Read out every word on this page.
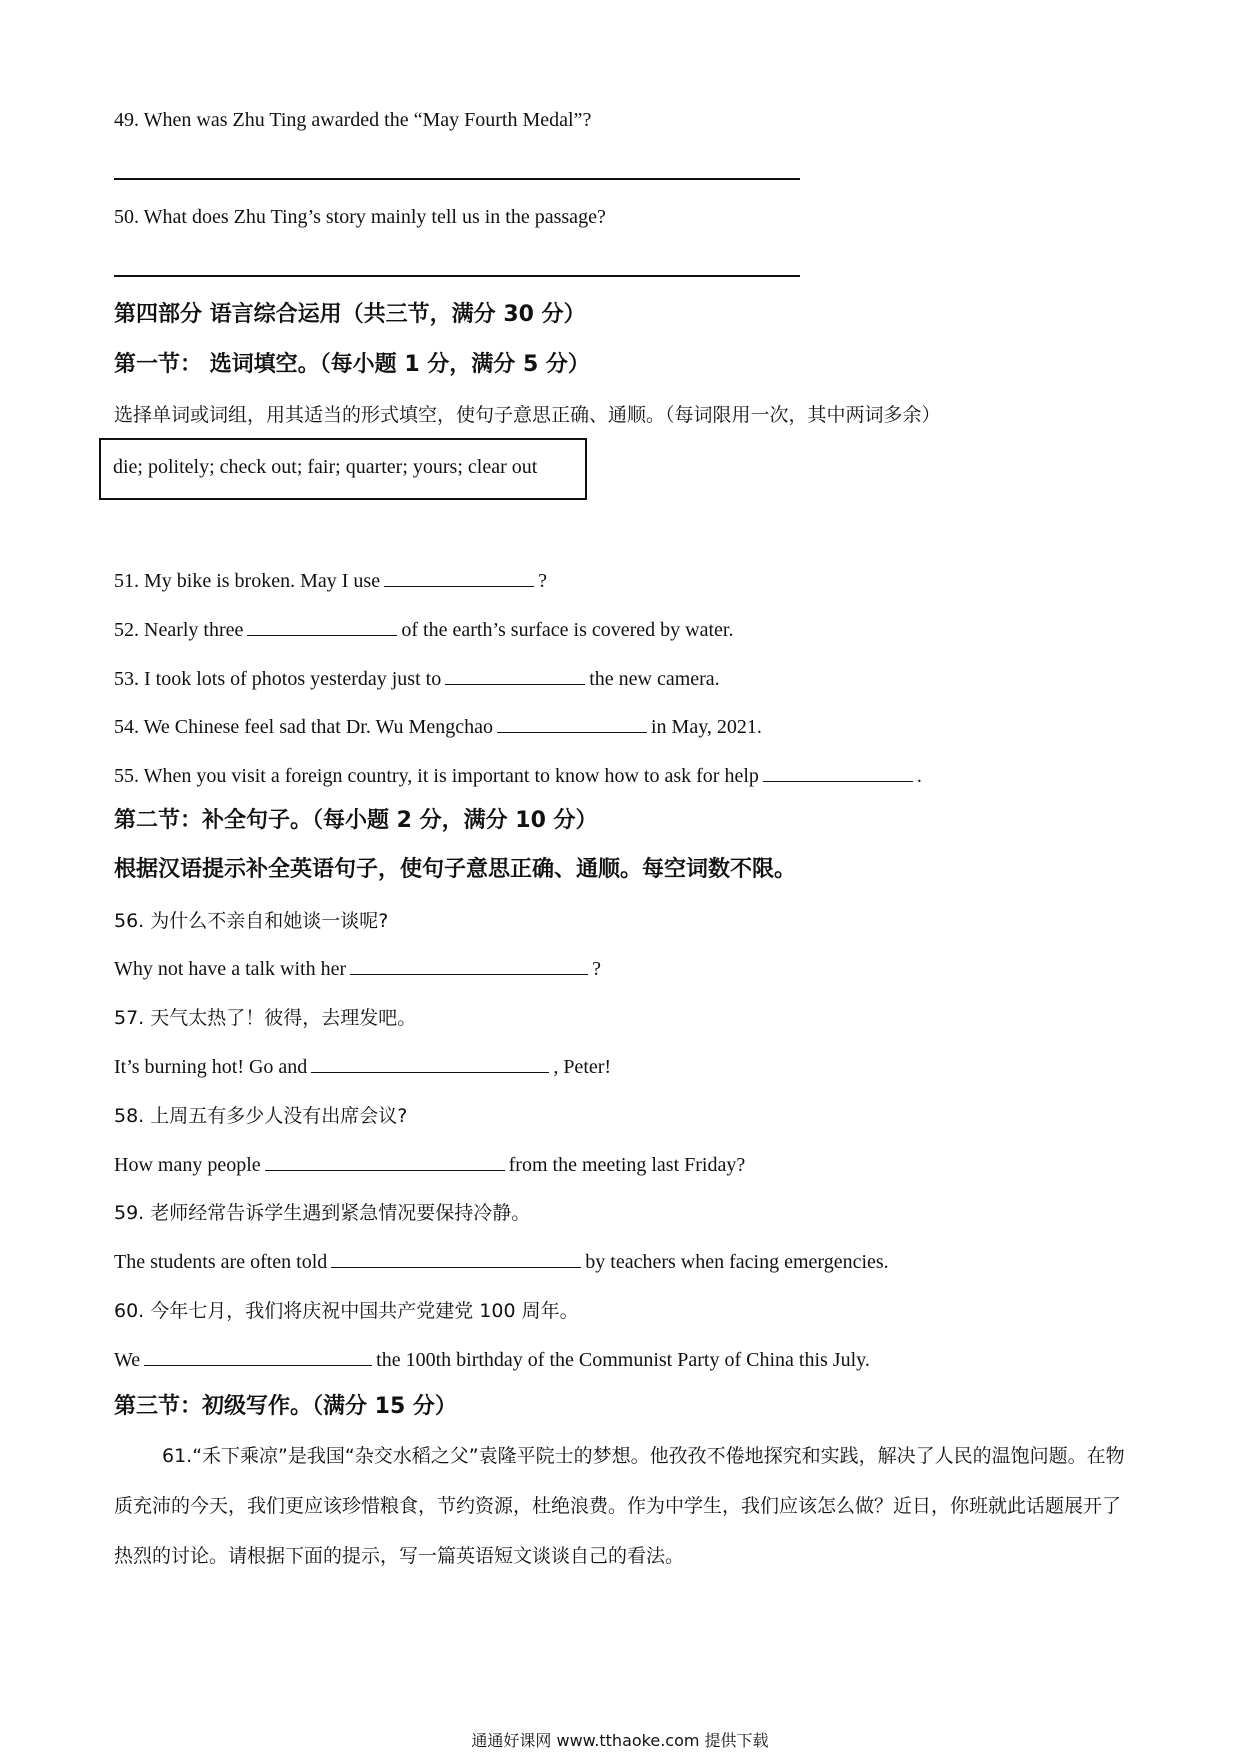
49. When was Zhu Ting awarded the “May Fourth Medal”?
50. What does Zhu Ting’s story mainly tell us in the passage?
第四部分 语言综合运用（共三节，满分 30 分）
第一节： 选词填空。（每小题 1 分，满分 5 分）
选择单词或词组，用其适当的形式填空，使句子意思正确、通顺。（每词限用一次，其中两词多余）
die; politely; check out; fair; quarter; yours; clear out
51. My bike is broken. May I use	?
52. Nearly three	of the earth’s surface is covered by water.
53. I took lots of photos yesterday just to	the new camera.
54. We Chinese feel sad that Dr. Wu Mengchao	in May, 2021.
55. When you visit a foreign country, it is important to know how to ask for help	.
第二节：补全句子。（每小题 2 分，满分 10 分）
根据汉语提示补全英语句子，使句子意思正确、通顺。每空词数不限。
56. 为什么不亲自和她谈一谈呢?
Why not have a talk with her	?
57. 天气太热了！彼得，去理发吧。
It’s burning hot! Go and	, Peter!
58. 上周五有多少人没有出席会议?
How many people	from the meeting last Friday?
59. 老师经常告诉学生遇到紧急情况要保持冷静。
The students are often told	by teachers when facing emergencies.
60. 今年七月，我们将庆祝中国共产党建党 100 周年。
We	the 100th birthday of the Communist Party of China this July.
第三节：初级写作。（满分 15 分）
61.“禾下乘凉”是我国“杂交水稻之父”袁隆平院士的梦想。他孜孜不倦地探究和实践，解决了人民的温饱问题。在物质充沛的今天，我们更应该珍惜粮食，节约资源，杜绝浪费。作为中学生，我们应该怎么做？近日，你班就此话题展开了热烈的讨论。请根据下面的提示，写一篇英语短文谈谈自己的看法。
通通好课网 www.tthaoke.com 提供下载
